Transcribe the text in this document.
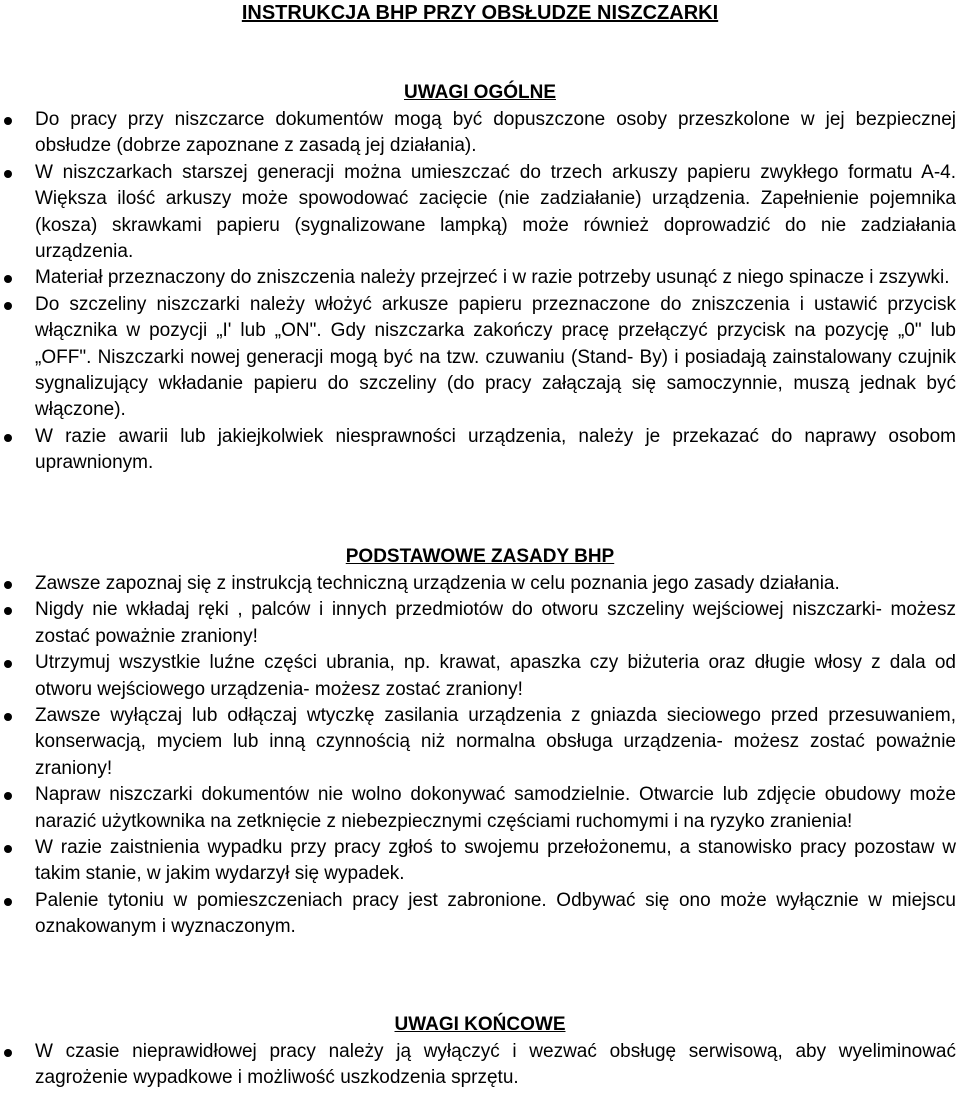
INSTRUKCJA BHP PRZY OBSŁUDZE NISZCZARKI
UWAGI OGÓLNE
Do pracy przy niszczarce dokumentów mogą być dopuszczone osoby przeszkolone w jej bezpiecznej obsłudze (dobrze zapoznane z zasadą jej działania).
W niszczarkach starszej generacji można umieszczać do trzech arkuszy papieru zwykłego formatu A-4. Większa ilość arkuszy może spowodować zacięcie (nie zadziałanie) urządzenia. Zapełnienie pojemnika (kosza) skrawkami papieru (sygnalizowane lampką) może również doprowadzić do nie zadziałania urządzenia.
Materiał przeznaczony do zniszczenia należy przejrzeć i w razie potrzeby usunąć z niego spinacze i zszywki.
Do szczeliny niszczarki należy włożyć arkusze papieru przeznaczone do zniszczenia i ustawić przycisk włącznika w pozycji „I' lub „ON". Gdy niszczarka zakończy pracę przełączyć przycisk na pozycję „0" lub „OFF". Niszczarki nowej generacji mogą być na tzw. czuwaniu (Stand- By) i posiadają zainstalowany czujnik sygnalizujący wkładanie papieru do szczeliny (do pracy załączają się samoczynnie, muszą jednak być włączone).
W razie awarii lub jakiejkolwiek niesprawności urządzenia, należy je przekazać do naprawy osobom uprawnionym.
PODSTAWOWE ZASADY BHP
Zawsze zapoznaj się z instrukcją techniczną urządzenia w celu poznania jego zasady działania.
Nigdy nie wkładaj ręki , palców i innych przedmiotów do otworu szczeliny wejściowej niszczarki- możesz zostać poważnie zraniony!
Utrzymuj wszystkie luźne części ubrania, np. krawat, apaszka czy biżuteria oraz długie włosy z dala od otworu wejściowego urządzenia- możesz zostać zraniony!
Zawsze wyłączaj lub odłączaj wtyczkę zasilania urządzenia z gniazda sieciowego przed przesuwaniem, konserwacją, myciem lub inną czynnością niż normalna obsługa urządzenia- możesz zostać poważnie zraniony!
Napraw niszczarki dokumentów nie wolno dokonywać samodzielnie. Otwarcie lub zdjęcie obudowy może narazić użytkownika na zetknięcie z niebezpiecznymi częściami ruchomymi i na ryzyko zranienia!
W razie zaistnienia wypadku przy pracy zgłoś to swojemu przełożonemu, a stanowisko pracy pozostaw w takim stanie, w jakim wydarzył się wypadek.
Palenie tytoniu w pomieszczeniach pracy jest zabronione. Odbywać się ono może wyłącznie w miejscu oznakowanym i wyznaczonym.
UWAGI KOŃCOWE
W czasie nieprawidłowej pracy należy ją wyłączyć i wezwać obsługę serwisową, aby wyeliminować zagrożenie wypadkowe i możliwość uszkodzenia sprzętu.
